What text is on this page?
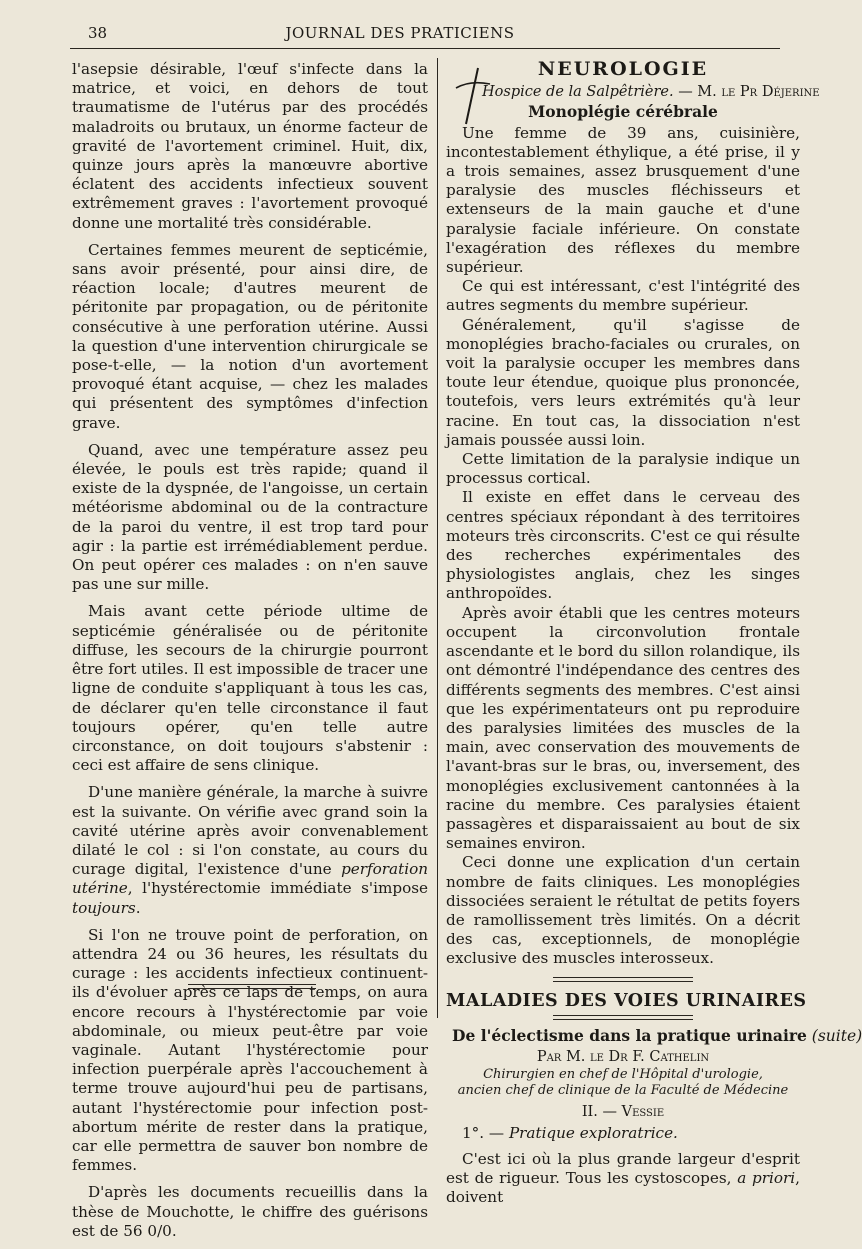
38	JOURNAL DES PRATICIENS

l'asepsie désirable, l'œuf s'infecte dans la matrice, et voici, en dehors de tout traumatisme de l'utérus par des procédés maladroits ou brutaux, un énorme facteur de gravité de l'avortement criminel. Huit, dix, quinze jours après la manœuvre abortive éclatent des accidents infectieux souvent extrêmement graves : l'avortement provoqué donne une mortalité très considérable.

Certaines femmes meurent de septicémie, sans avoir présenté, pour ainsi dire, de réaction locale; d'autres meurent de péritonite par propagation, ou de péritonite consécutive à une perforation utérine. Aussi la question d'une intervention chirurgicale se pose-t-elle, — la notion d'un avortement provoqué étant acquise, — chez les malades qui présentent des symptômes d'infection grave.

Quand, avec une température assez peu élevée, le pouls est très rapide; quand il existe de la dyspnée, de l'angoisse, un certain météorisme abdominal ou de la contracture de la paroi du ventre, il est trop tard pour agir : la partie est irrémédiablement perdue. On peut opérer ces malades : on n'en sauve pas une sur mille.

Mais avant cette période ultime de septicémie généralisée ou de péritonite diffuse, les secours de la chirurgie pourront être fort utiles. Il est impossible de tracer une ligne de conduite s'appliquant à tous les cas, de déclarer qu'en telle circonstance il faut toujours opérer, qu'en telle autre circonstance, on doit toujours s'abstenir : ceci est affaire de sens clinique.

D'une manière générale, la marche à suivre est la suivante. On vérifie avec grand soin la cavité utérine après avoir convenablement dilaté le col : si l'on constate, au cours du curage digital, l'existence d'une perforation utérine, l'hystérectomie immédiate s'impose toujours.

Si l'on ne trouve point de perforation, on attendra 24 ou 36 heures, les résultats du curage : les accidents infectieux continuent-ils d'évoluer après ce laps de temps, on aura encore recours à l'hystérectomie par voie abdominale, ou mieux peut-être par voie vaginale. Autant l'hystérectomie pour infection puerpérale après l'accouchement à terme trouve aujourd'hui peu de partisans, autant l'hystérectomie pour infection post-abortum mérite de rester dans la pratique, car elle permettra de sauver bon nombre de femmes.

D'après les documents recueillis dans la thèse de Mouchotte, le chiffre des guérisons est de 56 0/0.

NEUROLOGIE

Hospice de la Salpêtrière. — M. le Pr Déjerine

Monoplégie cérébrale

Une femme de 39 ans, cuisinière, incontestablement éthylique, a été prise, il y a trois semaines, assez brusquement d'une paralysie des muscles fléchisseurs et extenseurs de la main gauche et d'une paralysie faciale inférieure. On constate l'exagération des réflexes du membre supérieur.

Ce qui est intéressant, c'est l'intégrité des autres segments du membre supérieur.

Généralement, qu'il s'agisse de monoplégies bracho-faciales ou crurales, on voit la paralysie occuper les membres dans toute leur étendue, quoique plus prononcée, toutefois, vers leurs extrémités qu'à leur racine. En tout cas, la dissociation n'est jamais poussée aussi loin.

Cette limitation de la paralysie indique un processus cortical.

Il existe en effet dans le cerveau des centres spéciaux répondant à des territoires moteurs très circonscrits. C'est ce qui résulte des recherches expérimentales des physiologistes anglais, chez les singes anthropoïdes.

Après avoir établi que les centres moteurs occupent la circonvolution frontale ascendante et le bord du sillon rolandique, ils ont démontré l'indépendance des centres des différents segments des membres. C'est ainsi que les expérimentateurs ont pu reproduire des paralysies limitées des muscles de la main, avec conservation des mouvements de l'avant-bras sur le bras, ou, inversement, des monoplégies exclusivement cantonnées à la racine du membre. Ces paralysies étaient passagères et disparaissaient au bout de six semaines environ.

Ceci donne une explication d'un certain nombre de faits cliniques. Les monoplégies dissociées seraient le rétultat de petits foyers de ramollissement très limités. On a décrit des cas, exceptionnels, de monoplégie exclusive des muscles interosseux.

MALADIES DES VOIES URINAIRES
De l'éclectisme dans la pratique urinaire (suite)

Par M. le Dr F. Cathelin

Chirurgien en chef de l'Hôpital d'urologie,

ancien chef de clinique de la Faculté de Médecine

II. — Vessie

1°. — Pratique exploratrice.

C'est ici où la plus grande largeur d'esprit est de rigueur. Tous les cystoscopes, a priori, doivent
